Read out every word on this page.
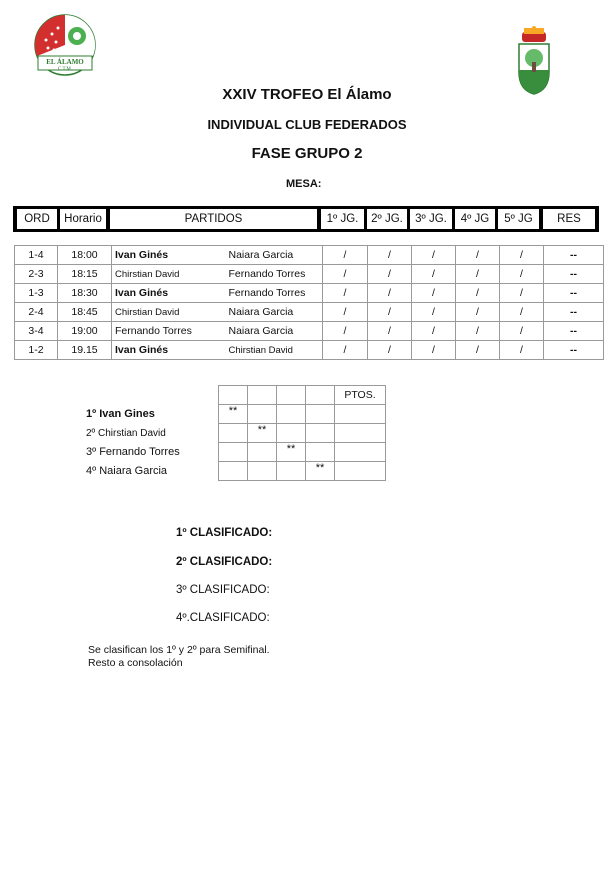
EL ÁLAMO
C.T.M.
XXIV TROFEO El Álamo
INDIVIDUAL CLUB FEDERADOS
FASE GRUPO 2
MESA:
ORD	Horario	PARTIDOS	1º JG.	2º JG.	3º JG.	4º JG	5º JG	RES
1-4	18:00	Ivan Ginés	Naiara Garcia	/	/	/	/	/	--
2-3	18:15	Chirstian David	Fernando Torres	/	/	/	/	/	--
1-3	18:30	Ivan Ginés	Fernando Torres	/	/	/	/	/	--
2-4	18:45	Chirstian David	Naiara Garcia	/	/	/	/	/	--
3-4	19:00	Fernando Torres	Naiara Garcia	/	/	/	/	/	--
1-2	19.15	Ivan Ginés	Chirstian David	/	/	/	/	/	--
					PTOS.
1º Ivan Gines	**				
2º Chirstian David		**			
3º Fernando Torres			**		
4º Naiara Garcia				**	
1º CLASIFICADO:
2º CLASIFICADO:
3º CLASIFICADO:
4º.CLASIFICADO:
Se clasifican los 1º y 2º para Semifinal.
Resto a consolación
